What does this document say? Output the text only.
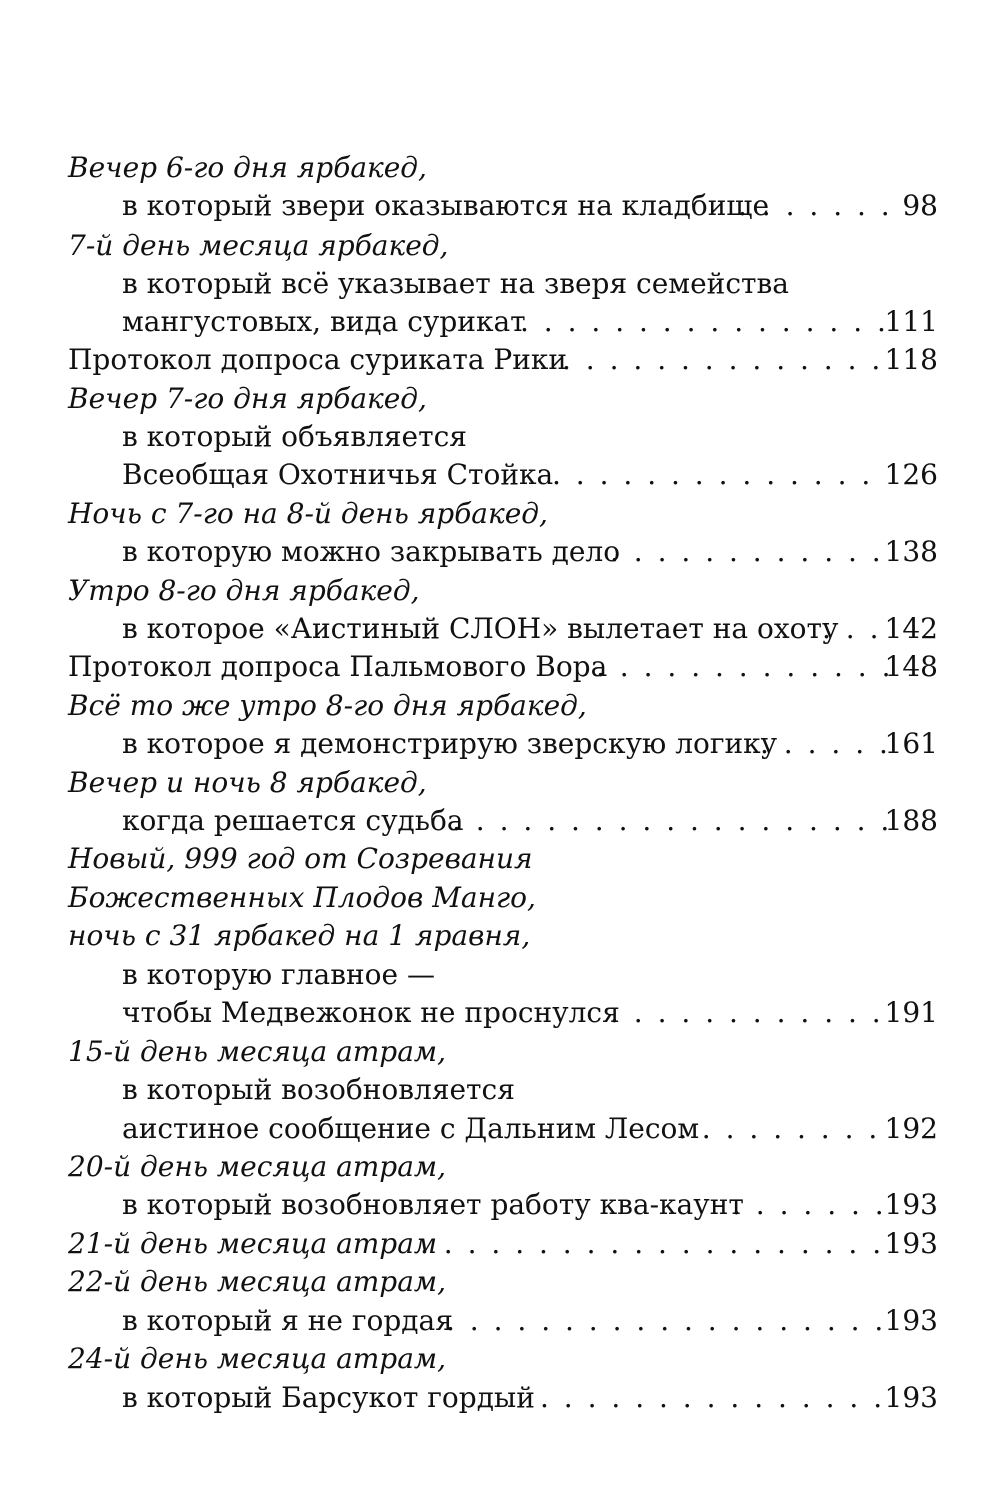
Вечер 6-го дня ярбакед,
в который звери оказываются на кладбище . . .	98
7-й день месяца ярбакед,
в который всё указывает на зверя семейства
мангустовых, вида сурикат . . .	111
Протокол допроса суриката Рики . . .	118
Вечер 7-го дня ярбакед,
в который объявляется
Всеобщая Охотничья Стойка . . .	126
Ночь с 7-го на 8-й день ярбакед,
в которую можно закрывать дело . . .	138
Утро 8-го дня ярбакед,
в которое «Аистиный СЛОН» вылетает на охоту . . . 142
Протокол допроса Пальмового Вора . . .	148
Всё то же утро 8-го дня ярбакед,
в которое я демонстрирую зверскую логику . . .	161
Вечер и ночь 8 ярбакед,
когда решается судьба . . .	188
Новый, 999 год от Созревания
Божественных Плодов Манго,
ночь с 31 ярбакед на 1 яравня,
в которую главное —
чтобы Медвежонок не проснулся . . .	191
15-й день месяца атрам,
в который возобновляется
аистиное сообщение с Дальним Лесом . . .	192
20-й день месяца атрам,
в который возобновляет работу ква-каунт . . .	193
21-й день месяца атрам . . .	193
22-й день месяца атрам,
в который я не гордая . . .	193
24-й день месяца атрам,
в который Барсукот гордый . . .	193
